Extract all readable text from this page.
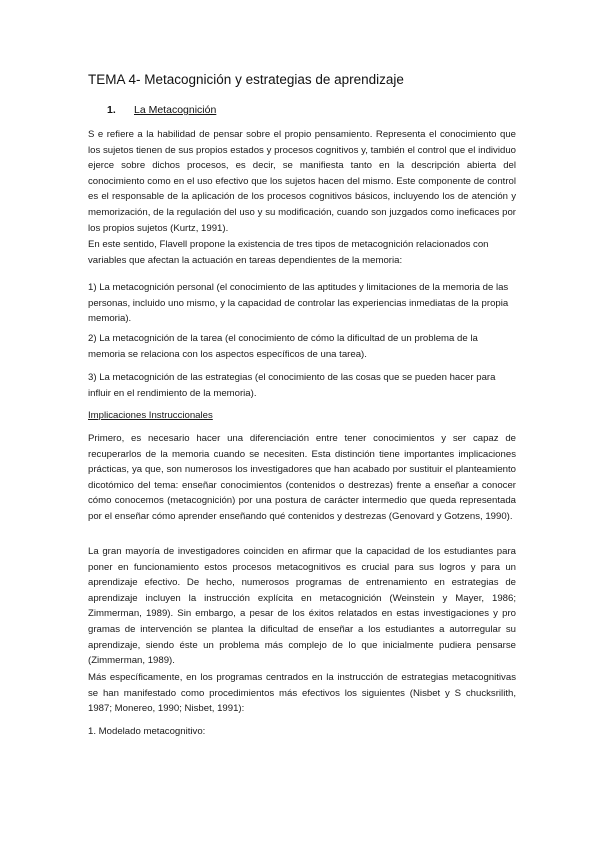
TEMA 4- Metacognición y estrategias de aprendizaje
1. La Metacognición

S e refiere a la habilidad de pensar sobre el propio pensamiento. Representa el conocimiento que los sujetos tienen de sus propios estados y procesos cognitivos y, también el control que el individuo ejerce sobre dichos procesos, es decir, se manifiesta tanto en la descripción abierta del conocimiento como en el uso efectivo que los sujetos hacen del mismo. Este componente de control es el responsable de la aplicación de los procesos cognitivos básicos, incluyendo los de atención y memorización, de la regulación del uso y su modificación, cuando son juzgados como ineficaces por los propios sujetos (Kurtz, 1991).

En este sentido, Flavell propone la existencia de tres tipos de metacognición relacionados con variables que afectan la actuación en tareas dependientes de la memoria:

1) La metacognición personal (el conocimiento de las aptitudes y limitaciones de la memoria de las personas, incluido uno mismo, y la capacidad de controlar las experiencias inmediatas de la propia memoria).

2) La metacognición de la tarea (el conocimiento de cómo la dificultad de un problema de la memoria se relaciona con los aspectos específicos de una tarea).

3) La metacognición de las estrategias (el conocimiento de las cosas que se pueden hacer para influir en el rendimiento de la memoria).

Implicaciones Instruccionales

Primero, es necesario hacer una diferenciación entre tener conocimientos y ser capaz de recuperarlos de la memoria cuando se necesiten. Esta distinción tiene importantes implicaciones prácticas, ya que, son numerosos los investigadores que han acabado por sustituir el planteamiento dicotómico del tema: enseñar conocimientos (contenidos o destrezas) frente a enseñar a conocer cómo conocemos (metacognición) por una postura de carácter intermedio que queda representada por el enseñar cómo aprender enseñando qué contenidos y destrezas (Genovard y Gotzens, 1990).

La gran mayoría de investigadores coinciden en afirmar que la capacidad de los estudiantes para poner en funcionamiento estos procesos metacognitivos es crucial para sus logros y para un aprendizaje efectivo. De hecho, numerosos programas de entrenamiento en estrategias de aprendizaje incluyen la instrucción explícita en metacognición (Weinstein y Mayer, 1986; Zimmerman, 1989). Sin embargo, a pesar de los éxitos relatados en estas investigaciones y pro gramas de intervención se plantea la dificultad de enseñar a los estudiantes a autorregular su aprendizaje, siendo éste un problema más complejo de lo que inicialmente pudiera pensarse (Zimmerman, 1989).

Más específicamente, en los programas centrados en la instrucción de estrategias metacognitivas se han manifestado como procedimientos más efectivos los siguientes (Nisbet y S chucksrilith, 1987; Monereo, 1990; Nisbet, 1991):

1. Modelado metacognitivo:
